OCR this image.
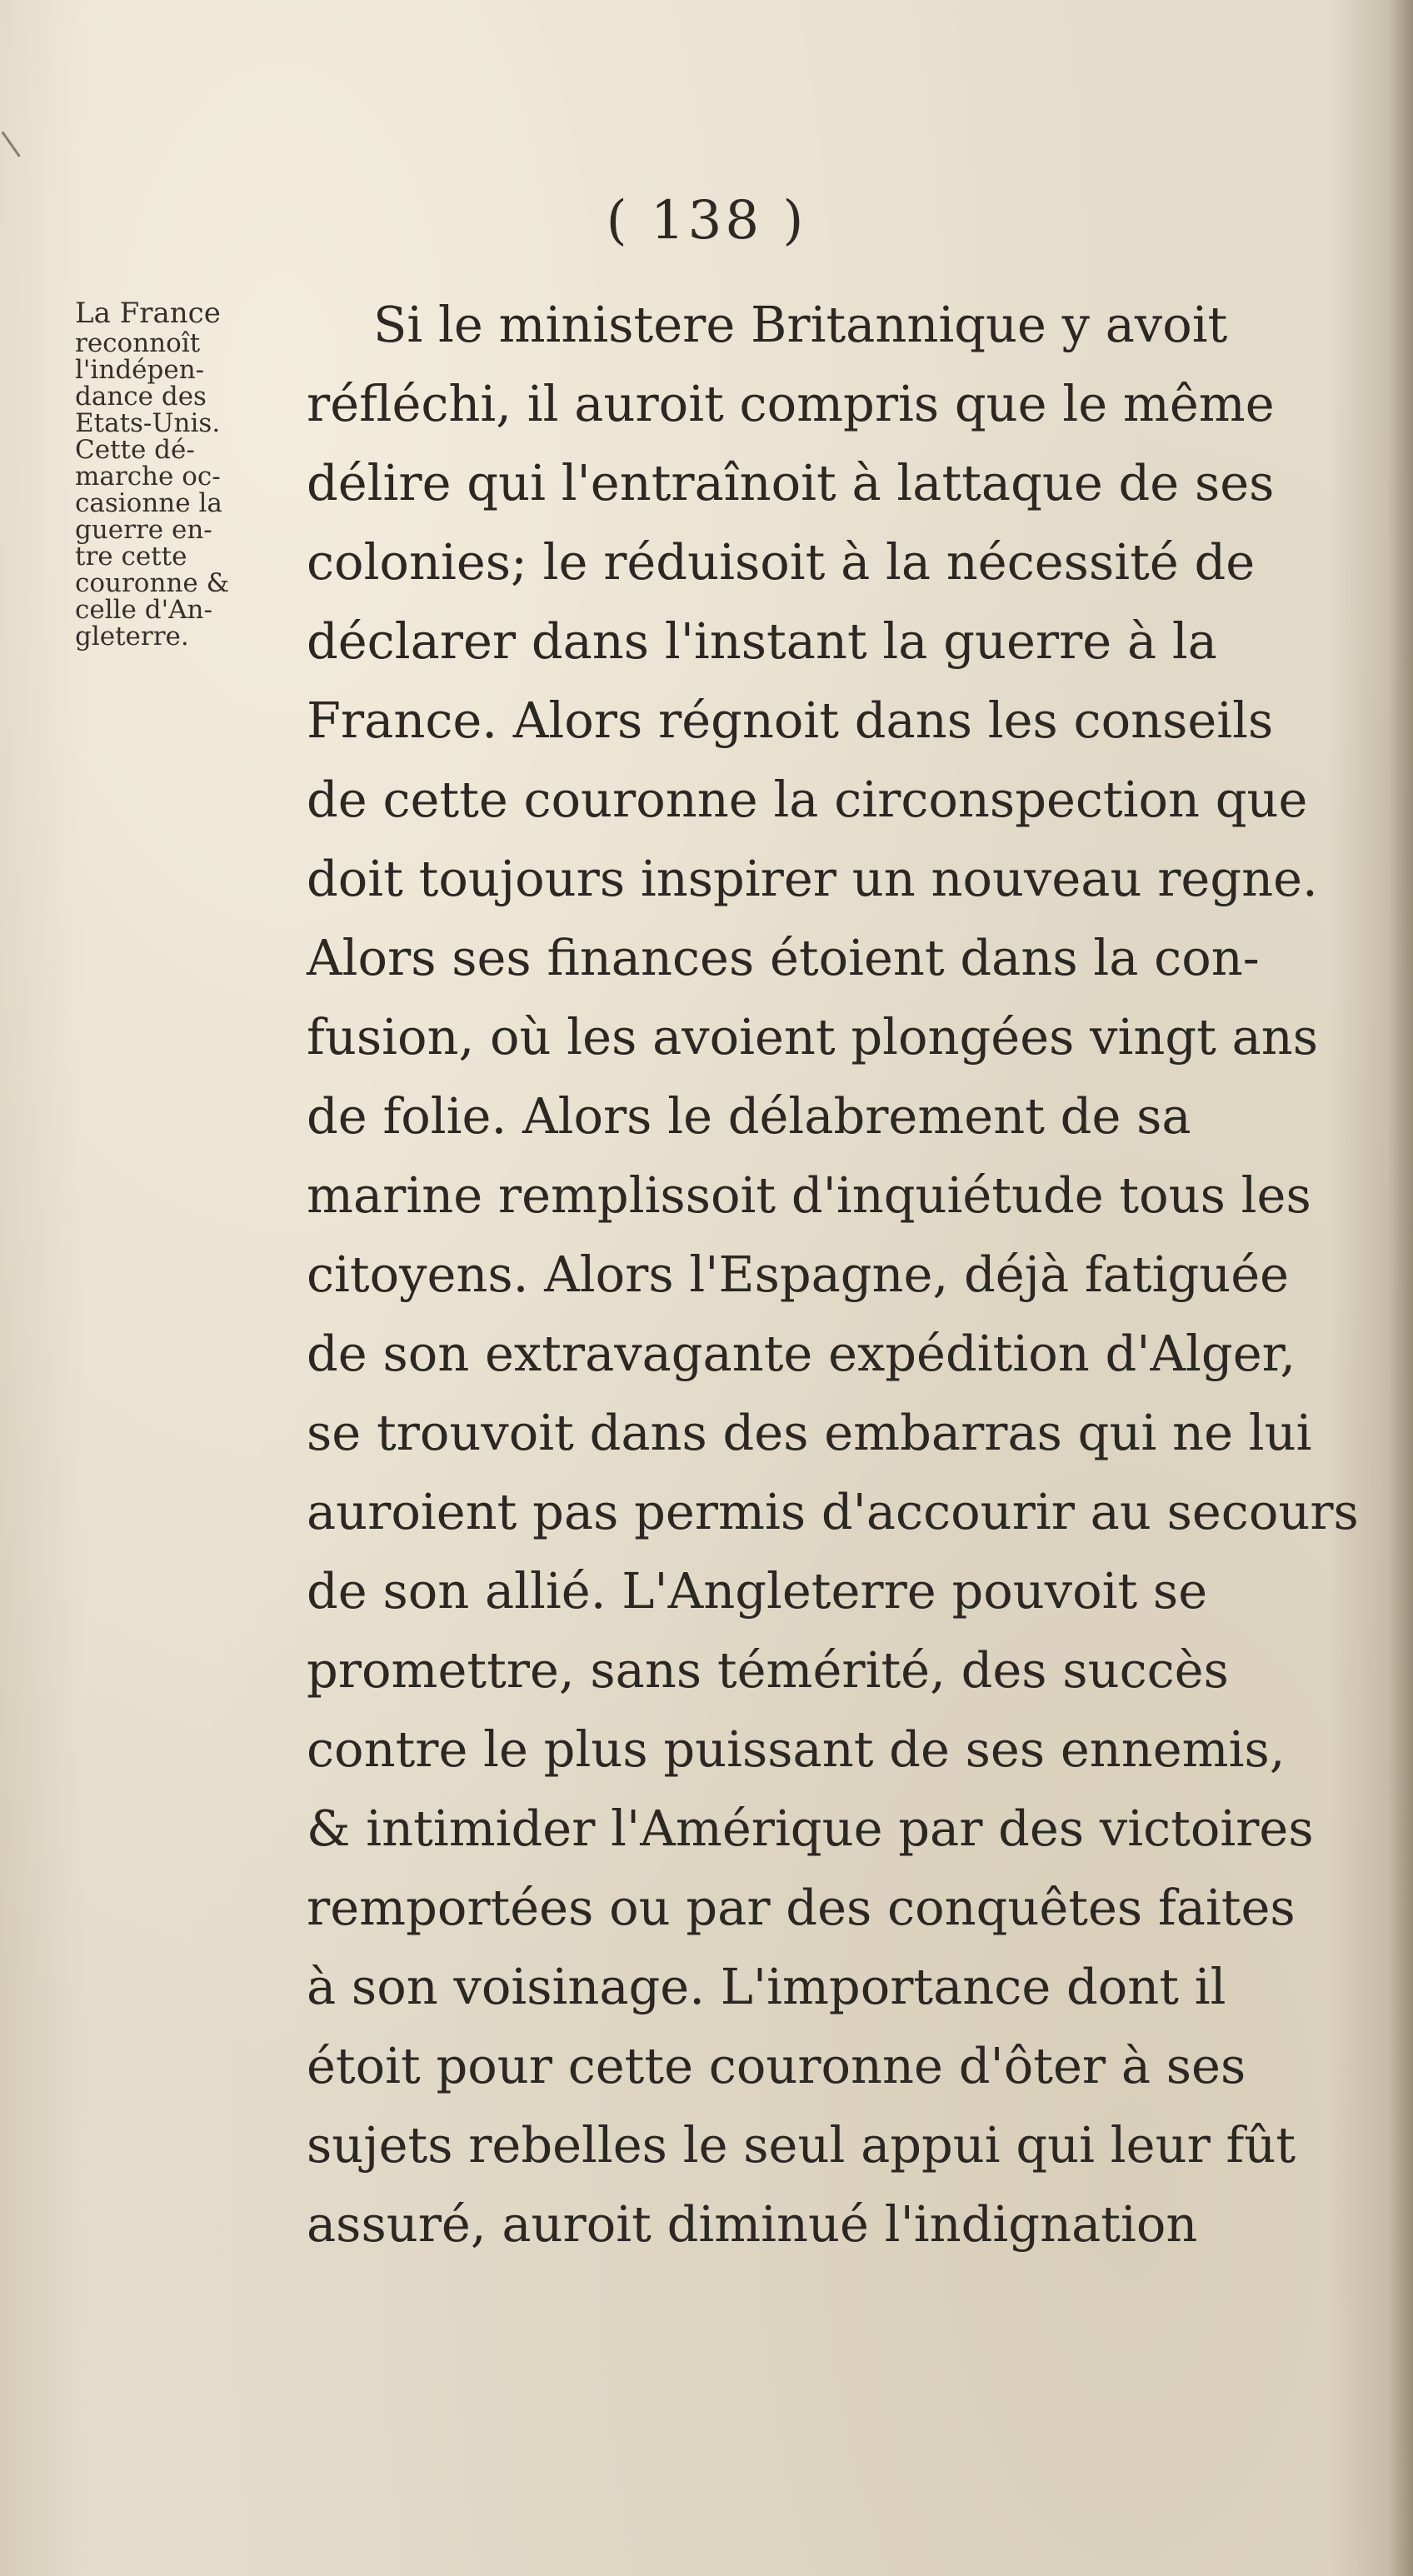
( 138 )
La France
reconnoît
l'indépen-
dance des
Etats-Unis.
Cette dé-
marche oc-
casionne la
guerre en-
tre cette
couronne &
celle d'An-
gleterre.
Si le ministere Britannique y avoit
réfléchi, il auroit compris que le même
délire qui l'entraînoit à lattaque de ses
colonies; le réduisoit à la nécessité de
déclarer dans l'instant la guerre à la
France. Alors régnoit dans les conseils
de cette couronne la circonspection que
doit toujours inspirer un nouveau regne.
Alors ses finances étoient dans la con-
fusion, où les avoient plongées vingt ans
de folie. Alors le délabrement de sa
marine remplissoit d'inquiétude tous les
citoyens. Alors l'Espagne, déjà fatiguée
de son extravagante expédition d'Alger,
se trouvoit dans des embarras qui ne lui
auroient pas permis d'accourir au secours
de son allié. L'Angleterre pouvoit se
promettre, sans témérité, des succès
contre le plus puissant de ses ennemis,
& intimider l'Amérique par des victoires
remportées ou par des conquêtes faites
à son voisinage. L'importance dont il
étoit pour cette couronne d'ôter à ses
sujets rebelles le seul appui qui leur fût
assuré, auroit diminué l'indignation
